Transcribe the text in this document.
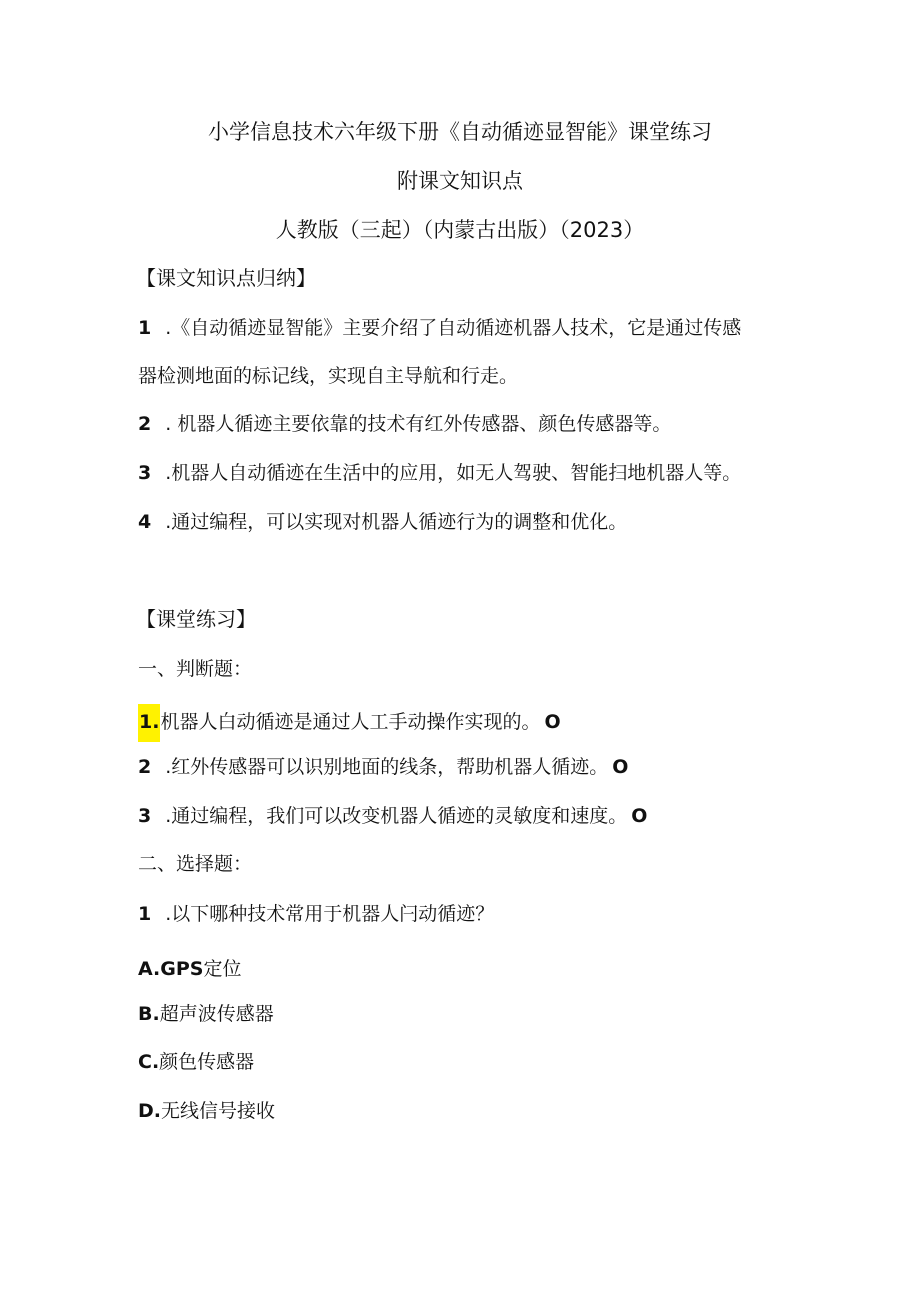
小学信息技术六年级下册《自动循迹显智能》课堂练习
附课文知识点
人教版（三起）（内蒙古出版）（2023）
【课文知识点归纳】
1 .《自动循迹显智能》主要介绍了自动循迹机器人技术，它是通过传感
器检测地面的标记线，实现自主导航和行走。
2 . 机器人循迹主要依靠的技术有红外传感器、颜色传感器等。
3 .机器人自动循迹在生活中的应用，如无人驾驶、智能扫地机器人等。
4 .通过编程，可以实现对机器人循迹行为的调整和优化。
【课堂练习】
一、判断题：
1.机器人白动循迹是通过人工手动操作实现的。 O
2 .红外传感器可以识别地面的线条，帮助机器人循迹。 O
3 .通过编程，我们可以改变机器人循迹的灵敏度和速度。 O
二、选择题：
1 .以下哪种技术常用于机器人闩动循迹？
A.GPS定位
B.超声波传感器
C.颜色传感器
D.无线信号接收
